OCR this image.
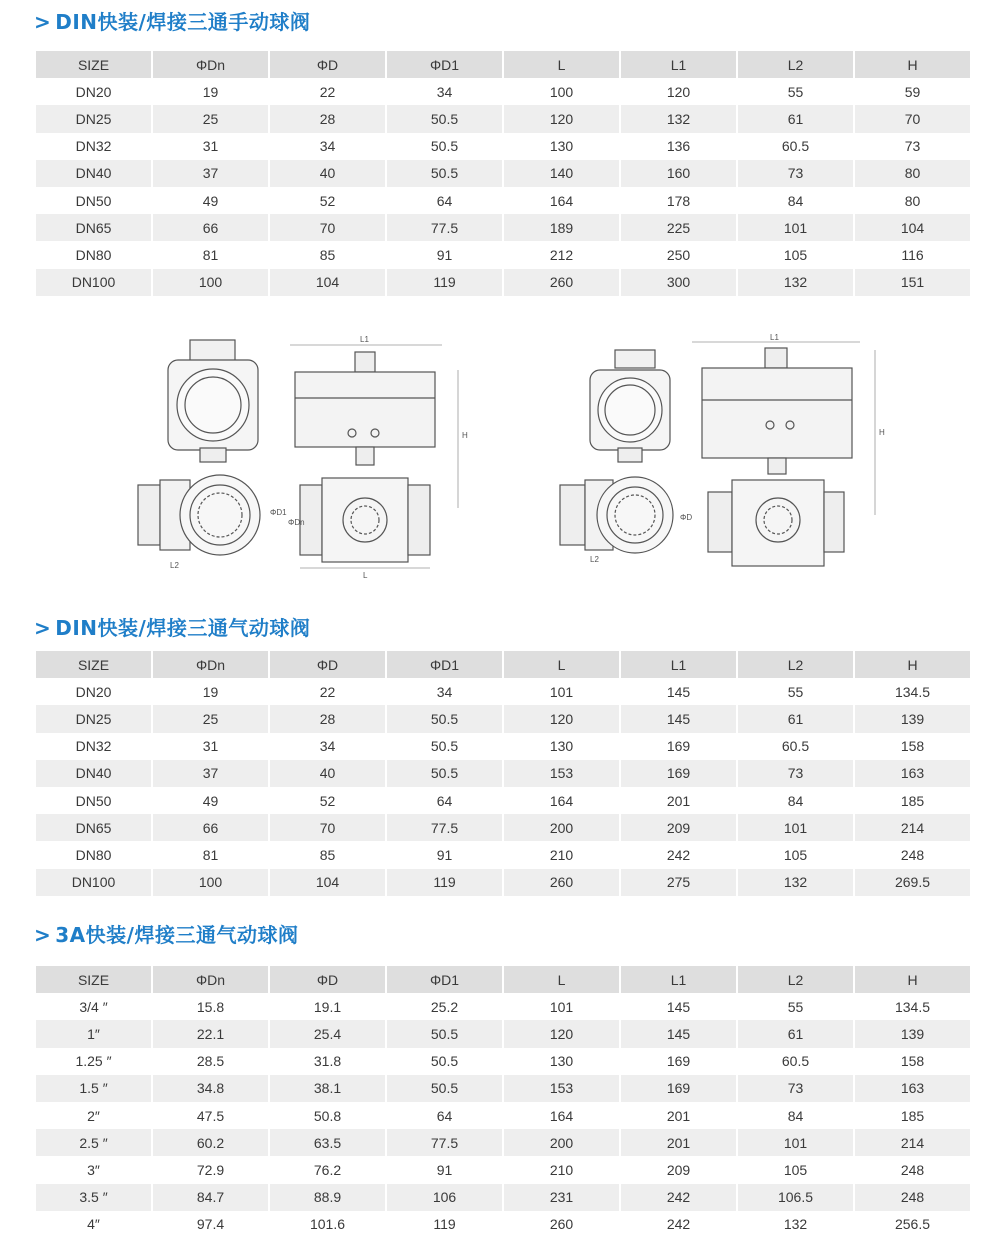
> DIN快装/焊接三通手动球阀
SIZE	ΦDn	ΦD	ΦD1	L	L1	L2	H
DN20	19	22	34	100	120	55	59
DN25	25	28	50.5	120	132	61	70
DN32	31	34	50.5	130	136	60.5	73
DN40	37	40	50.5	140	160	73	80
DN50	49	52	64	164	178	84	80
DN65	66	70	77.5	189	225	101	104
DN80	81	85	91	212	250	105	116
DN100	100	104	119	260	300	132	151
L1
H
L
L2
ΦD1
ΦDn
L1
H
L2
ΦD
> DIN快装/焊接三通气动球阀
SIZE	ΦDn	ΦD	ΦD1	L	L1	L2	H
DN20	19	22	34	101	145	55	134.5
DN25	25	28	50.5	120	145	61	139
DN32	31	34	50.5	130	169	60.5	158
DN40	37	40	50.5	153	169	73	163
DN50	49	52	64	164	201	84	185
DN65	66	70	77.5	200	209	101	214
DN80	81	85	91	210	242	105	248
DN100	100	104	119	260	275	132	269.5
> 3A快装/焊接三通气动球阀
SIZE	ΦDn	ΦD	ΦD1	L	L1	L2	H
3/4 ″	15.8	19.1	25.2	101	145	55	134.5
1″	22.1	25.4	50.5	120	145	61	139
1.25 ″	28.5	31.8	50.5	130	169	60.5	158
1.5 ″	34.8	38.1	50.5	153	169	73	163
2″	47.5	50.8	64	164	201	84	185
2.5 ″	60.2	63.5	77.5	200	201	101	214
3″	72.9	76.2	91	210	209	105	248
3.5 ″	84.7	88.9	106	231	242	106.5	248
4″	97.4	101.6	119	260	242	132	256.5
